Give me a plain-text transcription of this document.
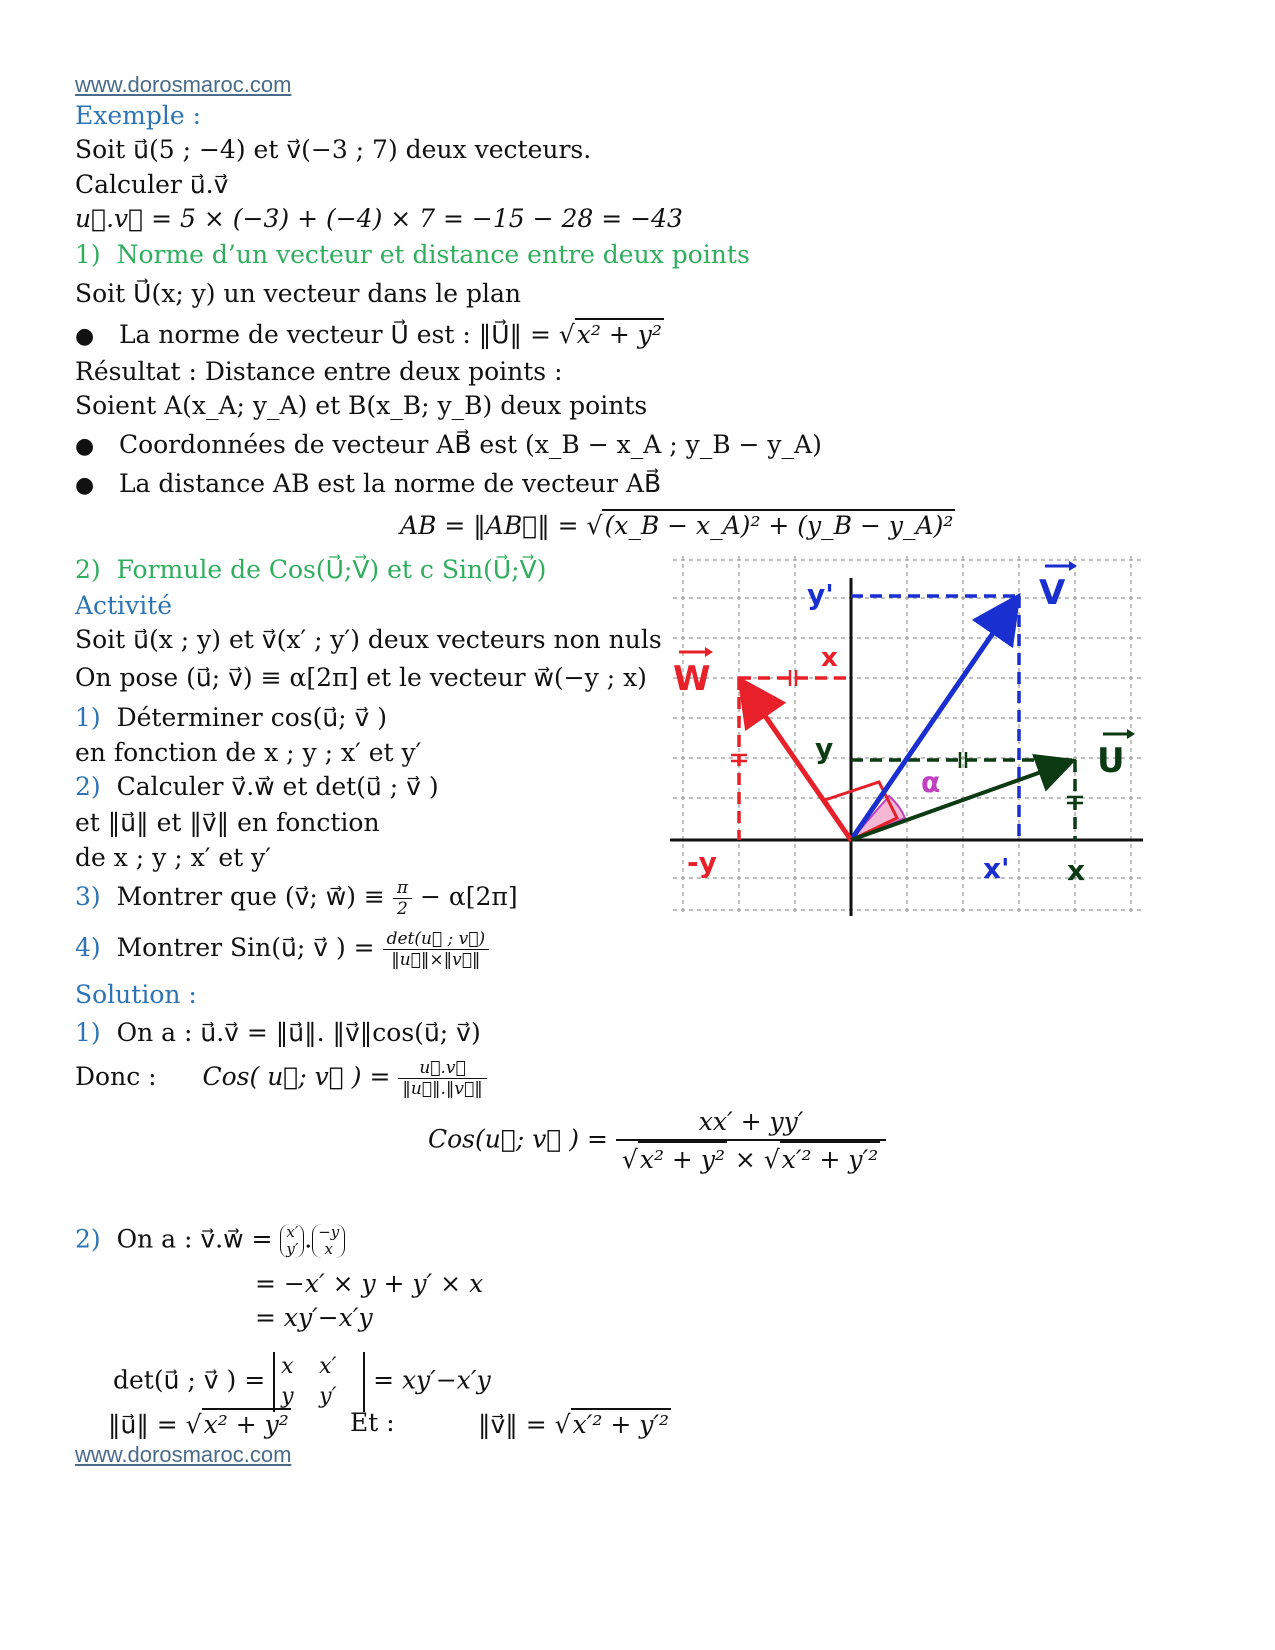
www.dorosmaroc.com
Exemple :
Soit u⃗(5 ; −4) et v⃗(−3 ; 7) deux vecteurs.
Calculer u⃗.v⃗
u⃗.v⃗ = 5 × (−3) + (−4) × 7 = −15 − 28 = −43
1) Norme d’un vecteur et distance entre deux points
Soit U⃗(x; y) un vecteur dans le plan
● La norme de vecteur U⃗ est : ‖U⃗‖ = √x² + y²
Résultat : Distance entre deux points :
Soient A(x_A; y_A) et B(x_B; y_B) deux points
● Coordonnées de vecteur AB⃗ est (x_B − x_A ; y_B − y_A)
● La distance AB est la norme de vecteur AB⃗
AB = ‖AB⃗‖ = √(x_B − x_A)² + (y_B − y_A)²
2) Formule de Cos(U⃗;V⃗) et c Sin(U⃗;V⃗)
Activité
Soit u⃗(x ; y) et v⃗(x′ ; y′) deux vecteurs non nuls
On pose (u⃗; v⃗) ≡ α[2π] et le vecteur w⃗(−y ; x)
1) Déterminer cos(u⃗; v⃗ )
en fonction de x ; y ; x′ et y′
2) Calculer v⃗.w⃗ et det(u⃗ ; v⃗ )
et ‖u⃗‖ et ‖v⃗‖ en fonction
de x ; y ; x′ et y′
3) Montrer que (v⃗; w⃗) ≡ $\frac{\pi}{2} - \alpha[2\pi]$
4) Montrer Sin(u⃗; v⃗ ) = $\frac{\det(u⃗ ; v⃗)}{‖u⃗‖\times‖v⃗‖}$
Solution :
1) On a : u⃗.v⃗ = ‖u⃗‖. ‖v⃗‖cos(u⃗; v⃗)
Donc : Cos( u⃗; v⃗ ) = $\frac{u⃗.v⃗}{‖u⃗‖.‖v⃗‖}$
Cos(u⃗; v⃗ ) = $\frac{xx' + yy'}{\text{√x² + y² × √x′² + y′²}}$
2) On a : v⃗.w⃗ = x′
y′ . −y
x
= −x′ × y + y′ × x
= xy′−x′y
det(u⃗ ; v⃗ ) = x x′
y y′ = xy′−x′y
‖u⃗‖ = √x² + y² Et :	‖v⃗‖ = √x′² + y′²
www.dorosmaroc.com
W
V
U
y'
x
y
α
-y	x' x
